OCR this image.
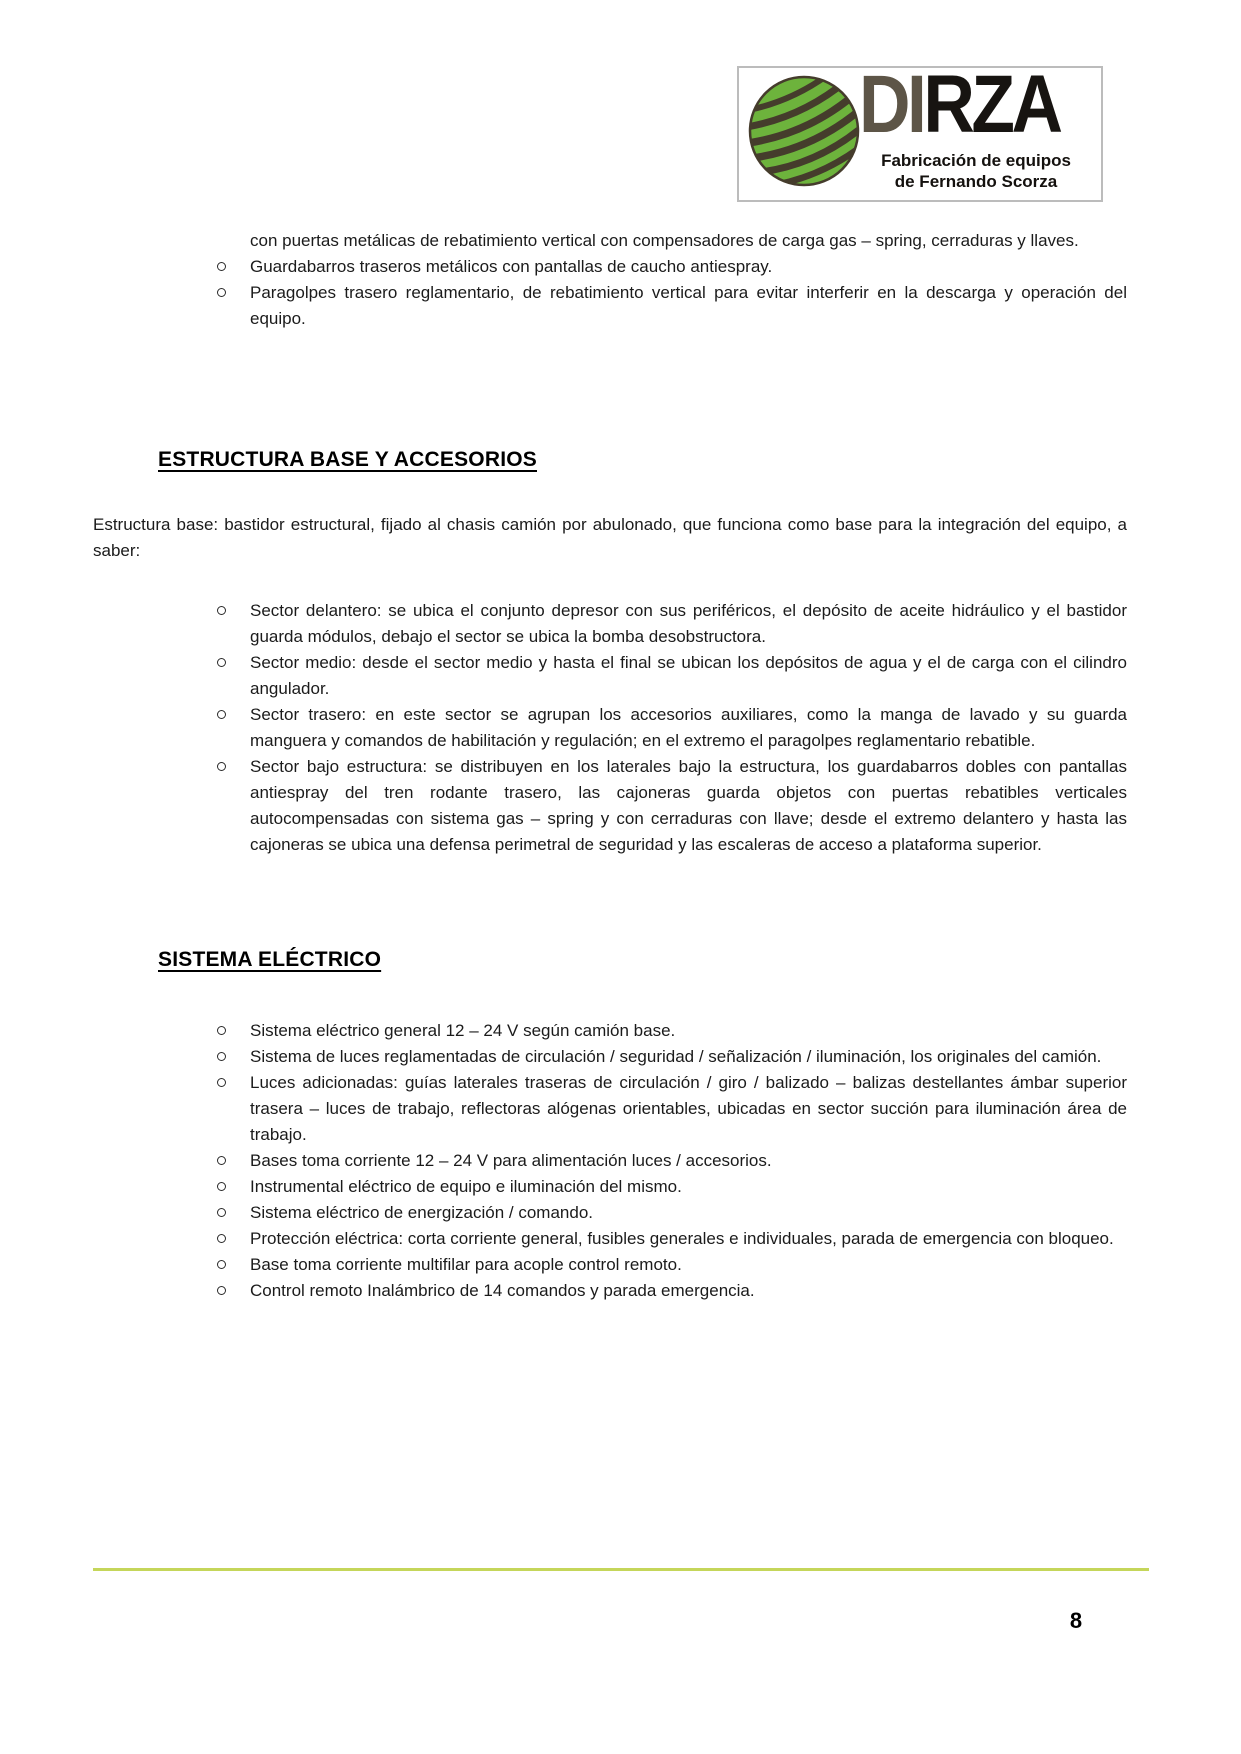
DIRZA
Fabricación de equipos
de Fernando Scorza
con puertas metálicas de rebatimiento vertical con compensadores de carga gas – spring, cerraduras y llaves.
Guardabarros traseros metálicos con pantallas de caucho antiespray.
Paragolpes trasero reglamentario, de rebatimiento vertical para evitar interferir en la descarga y operación del equipo.
ESTRUCTURA BASE Y ACCESORIOS
Estructura base: bastidor estructural, fijado al chasis camión por abulonado, que funciona como base para la integración del equipo, a saber:
Sector delantero: se ubica el conjunto depresor con sus periféricos, el depósito de aceite hidráulico y el bastidor guarda módulos, debajo el sector se ubica la bomba desobstructora.
Sector medio: desde el sector medio y hasta el final se ubican los depósitos de agua y el de carga con el cilindro angulador.
Sector trasero: en este sector se agrupan los accesorios auxiliares, como la manga de lavado y su guarda manguera y comandos de habilitación y regulación; en el extremo el paragolpes reglamentario rebatible.
Sector bajo estructura: se distribuyen en los laterales bajo la estructura, los guardabarros dobles con pantallas antiespray del tren rodante trasero, las cajoneras guarda objetos con puertas rebatibles verticales autocompensadas con sistema gas – spring y con cerraduras con llave; desde el extremo delantero y hasta las cajoneras se ubica una defensa perimetral de seguridad y las escaleras de acceso a plataforma superior.
SISTEMA ELÉCTRICO
Sistema eléctrico general 12 – 24 V según camión base.
Sistema de luces reglamentadas de circulación / seguridad / señalización / iluminación, los originales del camión.
Luces adicionadas: guías laterales traseras de circulación / giro / balizado – balizas destellantes ámbar superior trasera – luces de trabajo, reflectoras alógenas orientables, ubicadas en sector succión para iluminación área de trabajo.
Bases toma corriente 12 – 24 V para alimentación luces / accesorios.
Instrumental eléctrico de equipo e iluminación del mismo.
Sistema eléctrico de energización / comando.
Protección eléctrica: corta corriente general, fusibles generales e individuales, parada de emergencia con bloqueo.
Base toma corriente multifilar para acople control remoto.
Control remoto Inalámbrico de 14 comandos y parada emergencia.
8
